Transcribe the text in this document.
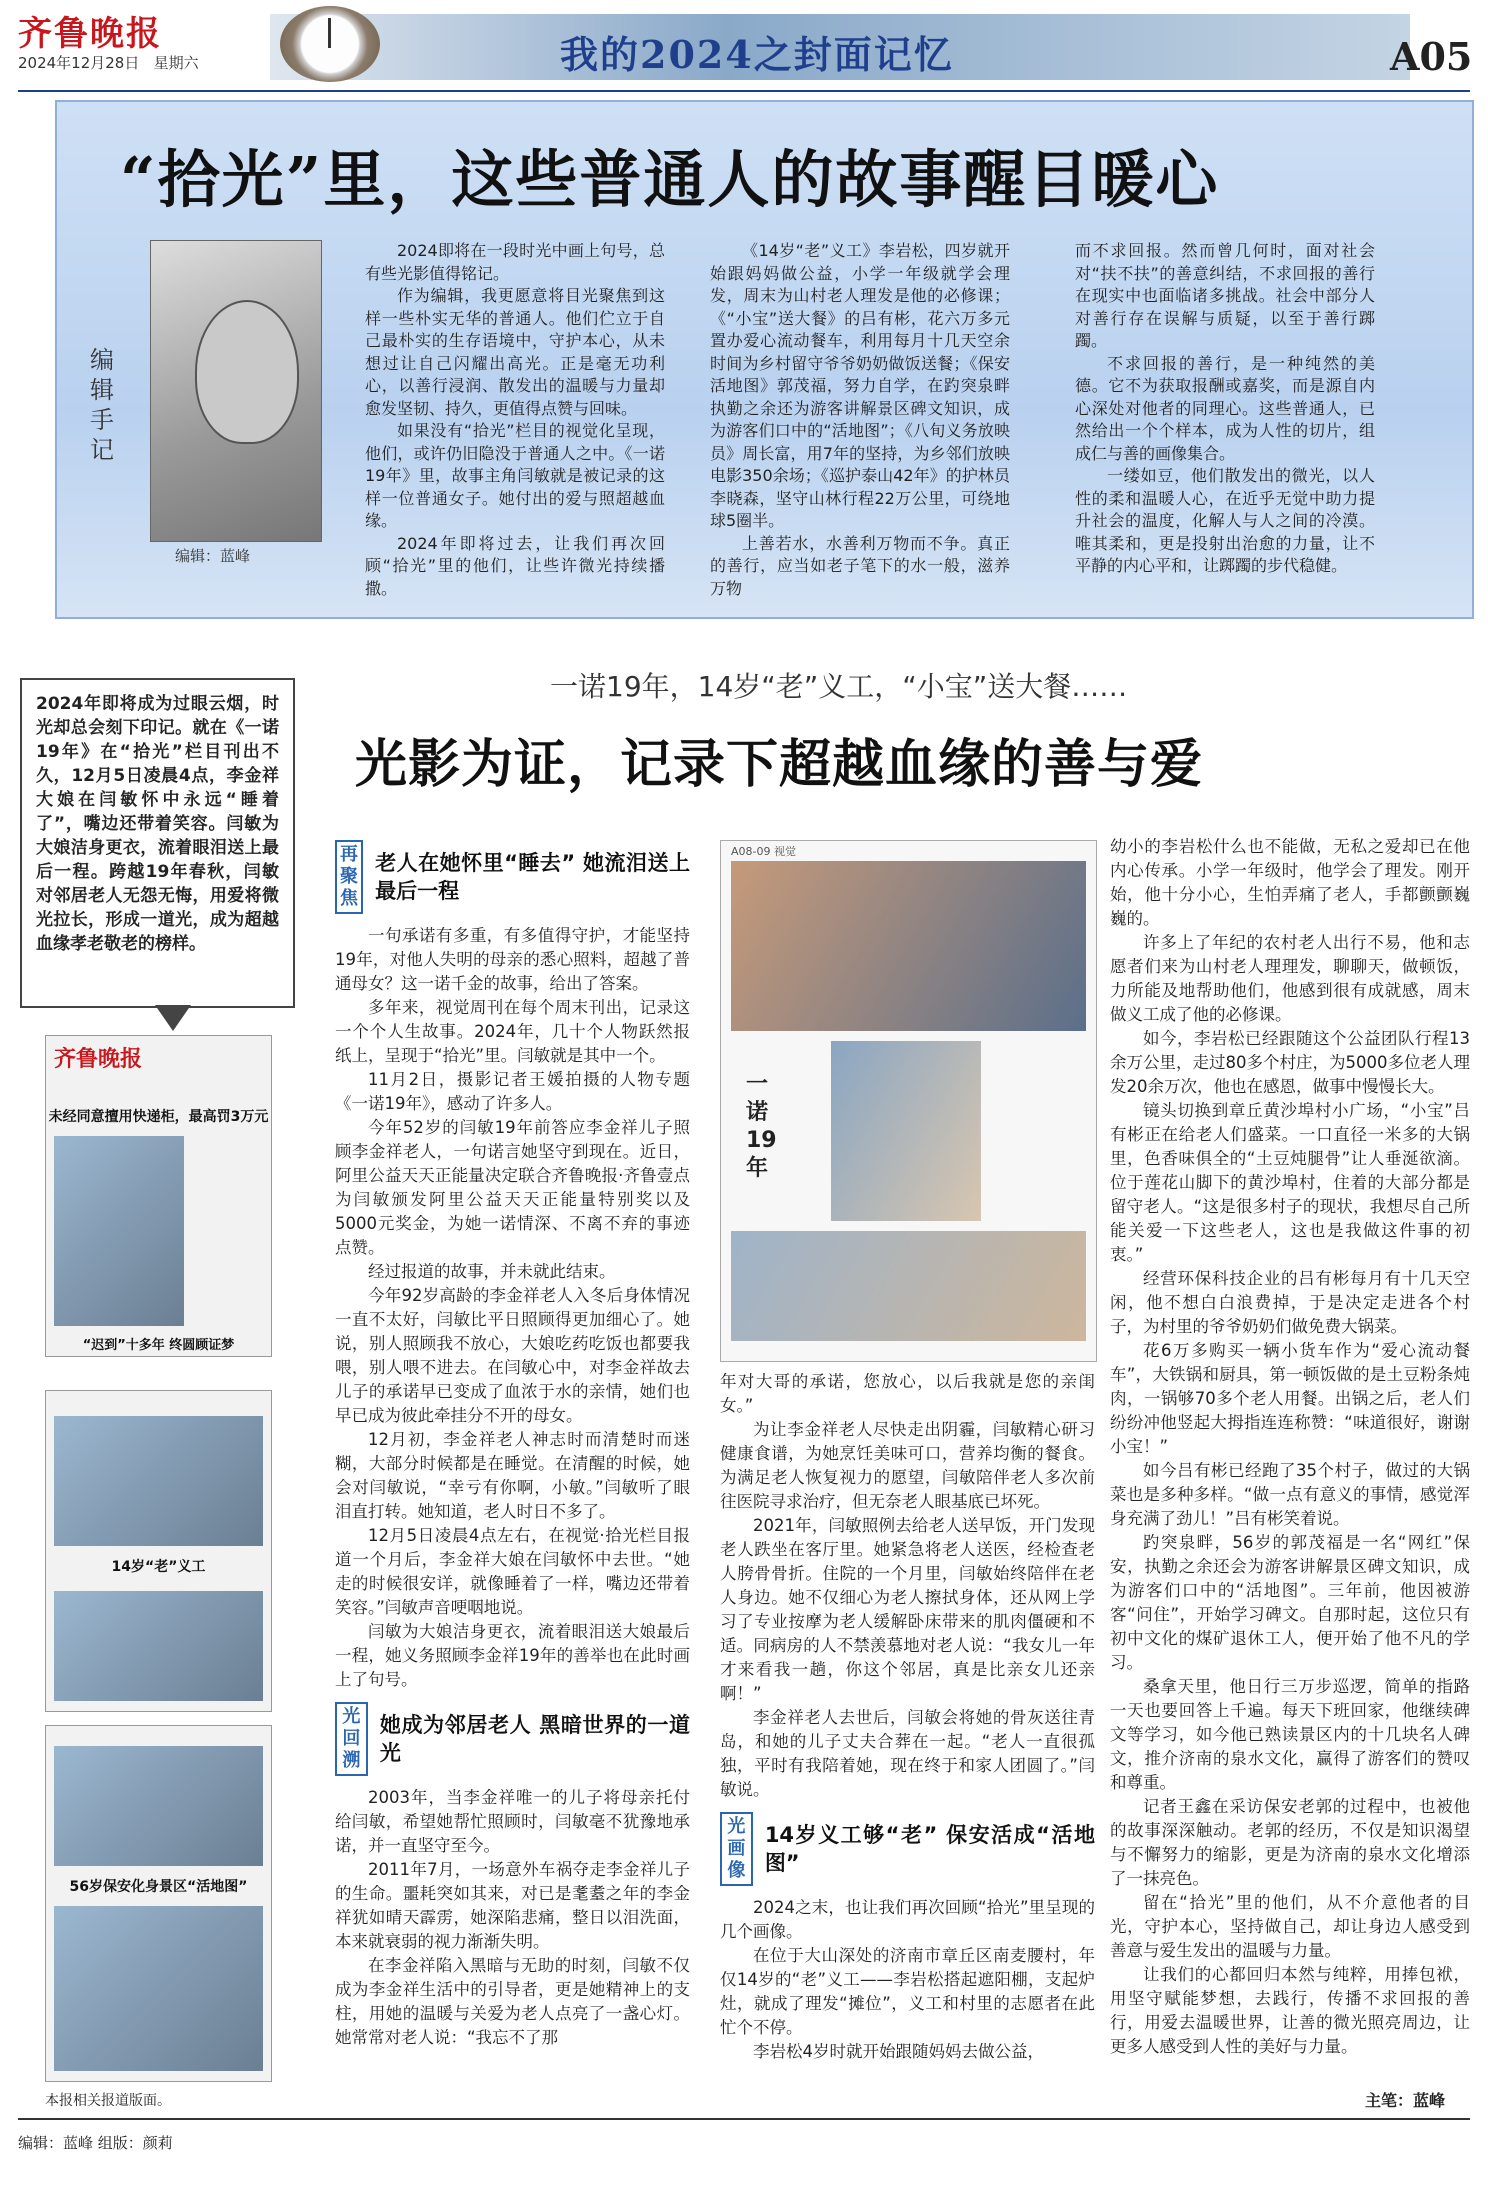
齐鲁晚报
2024年12月28日 星期六	我的2024之封面记忆	A05
“拾光”里，这些普通人的故事醒目暖心
编辑手记
编辑：蓝峰

2024即将在一段时光中画上句号，总有些光影值得铭记。

作为编辑，我更愿意将目光聚焦到这样一些朴实无华的普通人。他们伫立于自己最朴实的生存语境中，守护本心，从未想过让自己闪耀出高光。正是毫无功利心，以善行浸润、散发出的温暖与力量却愈发坚韧、持久，更值得点赞与回味。

如果没有“拾光”栏目的视觉化呈现，他们，或许仍旧隐没于普通人之中。《一诺19年》里，故事主角闫敏就是被记录的这样一位普通女子。她付出的爱与照超越血缘。

2024年即将过去，让我们再次回顾“拾光”里的他们，让些许微光持续播撒。

《14岁“老”义工》李岩松，四岁就开始跟妈妈做公益，小学一年级就学会理发，周末为山村老人理发是他的必修课；《“小宝”送大餐》的吕有彬，花六万多元置办爱心流动餐车，利用每月十几天空余时间为乡村留守爷爷奶奶做饭送餐；《保安活地图》郭茂福，努力自学，在趵突泉畔执勤之余还为游客讲解景区碑文知识，成为游客们口中的“活地图”；《八旬义务放映员》周长富，用7年的坚持，为乡邻们放映电影350余场；《巡护泰山42年》的护林员李晓森，坚守山林行程22万公里，可绕地球5圈半。

上善若水，水善利万物而不争。真正的善行，应当如老子笔下的水一般，滋养万物

而不求回报。然而曾几何时，面对社会对“扶不扶”的善意纠结，不求回报的善行在现实中也面临诸多挑战。社会中部分人对善行存在误解与质疑，以至于善行踯躅。

不求回报的善行，是一种纯然的美德。它不为获取报酬或嘉奖，而是源自内心深处对他者的同理心。这些普通人，已然给出一个个样本，成为人性的切片，组成仁与善的画像集合。

一缕如豆，他们散发出的微光，以人性的柔和温暖人心，在近乎无觉中助力提升社会的温度，化解人与人之间的冷漠。唯其柔和，更是投射出治愈的力量，让不平静的内心平和，让踯躅的步代稳健。

2024年即将成为过眼云烟，时光却总会刻下印记。就在《一诺19年》在“拾光”栏目刊出不久，12月5日凌晨4点，李金祥大娘在闫敏怀中永远“睡着了”，嘴边还带着笑容。闫敏为大娘洁身更衣，流着眼泪送上最后一程。跨越19年春秋，闫敏对邻居老人无怨无悔，用爱将微光拉长，形成一道光，成为超越血缘孝老敬老的榜样。
齐鲁晚报
未经同意擅用快递柜，最高罚3万元
“迟到”十多年 终圆顾证梦
14岁“老”义工
56岁保安化身景区“活地图”
本报相关报道版面。
一诺19年，14岁“老”义工，“小宝”送大餐……
光影为证，记录下超越血缘的善与爱
再聚焦
老人在她怀里“睡去” 她流泪送上最后一程

一句承诺有多重，有多值得守护，才能坚持19年，对他人失明的母亲的悉心照料，超越了普通母女？这一诺千金的故事，给出了答案。

多年来，视觉周刊在每个周末刊出，记录这一个个人生故事。2024年，几十个人物跃然报纸上，呈现于“拾光”里。闫敏就是其中一个。

11月2日，摄影记者王媛拍摄的人物专题《一诺19年》，感动了许多人。

今年52岁的闫敏19年前答应李金祥儿子照顾李金祥老人，一句诺言她坚守到现在。近日，阿里公益天天正能量决定联合齐鲁晚报·齐鲁壹点为闫敏颁发阿里公益天天正能量特别奖以及5000元奖金，为她一诺情深、不离不弃的事迹点赞。

经过报道的故事，并未就此结束。

今年92岁高龄的李金祥老人入冬后身体情况一直不太好，闫敏比平日照顾得更加细心了。她说，别人照顾我不放心，大娘吃药吃饭也都要我喂，别人喂不进去。在闫敏心中，对李金祥故去儿子的承诺早已变成了血浓于水的亲情，她们也早已成为彼此牵挂分不开的母女。

12月初，李金祥老人神志时而清楚时而迷糊，大部分时候都是在睡觉。在清醒的时候，她会对闫敏说，“幸亏有你啊，小敏。”闫敏听了眼泪直打转。她知道，老人时日不多了。

12月5日凌晨4点左右，在视觉·拾光栏目报道一个月后，李金祥大娘在闫敏怀中去世。“她走的时候很安详，就像睡着了一样，嘴边还带着笑容。”闫敏声音哽咽地说。

闫敏为大娘洁身更衣，流着眼泪送大娘最后一程，她义务照顾李金祥19年的善举也在此时画上了句号。

光回溯
她成为邻居老人 黑暗世界的一道光

2003年，当李金祥唯一的儿子将母亲托付给闫敏，希望她帮忙照顾时，闫敏毫不犹豫地承诺，并一直坚守至今。

2011年7月，一场意外车祸夺走李金祥儿子的生命。噩耗突如其来，对已是耄耋之年的李金祥犹如晴天霹雳，她深陷悲痛，整日以泪洗面，本来就衰弱的视力渐渐失明。

在李金祥陷入黑暗与无助的时刻，闫敏不仅成为李金祥生活中的引导者，更是她精神上的支柱，用她的温暖与关爱为老人点亮了一盏心灯。她常常对老人说：“我忘不了那

一诺19年
A08-09 视觉

年对大哥的承诺，您放心，以后我就是您的亲闺女。”

为让李金祥老人尽快走出阴霾，闫敏精心研习健康食谱，为她烹饪美味可口，营养均衡的餐食。为满足老人恢复视力的愿望，闫敏陪伴老人多次前往医院寻求治疗，但无奈老人眼基底已坏死。

2021年，闫敏照例去给老人送早饭，开门发现老人跌坐在客厅里。她紧急将老人送医，经检查老人胯骨骨折。住院的一个月里，闫敏始终陪伴在老人身边。她不仅细心为老人擦拭身体，还从网上学习了专业按摩为老人缓解卧床带来的肌肉僵硬和不适。同病房的人不禁羡慕地对老人说：“我女儿一年才来看我一趟，你这个邻居，真是比亲女儿还亲啊！”

李金祥老人去世后，闫敏会将她的骨灰送往青岛，和她的儿子丈夫合葬在一起。“老人一直很孤独，平时有我陪着她，现在终于和家人团圆了。”闫敏说。

光画像
14岁义工够“老” 保安活成“活地图”

2024之末，也让我们再次回顾“拾光”里呈现的几个画像。

在位于大山深处的济南市章丘区南麦腰村，年仅14岁的“老”义工——李岩松搭起遮阳棚，支起炉灶，就成了理发“摊位”，义工和村里的志愿者在此忙个不停。

李岩松4岁时就开始跟随妈妈去做公益，

幼小的李岩松什么也不能做，无私之爱却已在他内心传承。小学一年级时，他学会了理发。刚开始，他十分小心，生怕弄痛了老人，手都颤颤巍巍的。

许多上了年纪的农村老人出行不易，他和志愿者们来为山村老人理理发，聊聊天，做顿饭，力所能及地帮助他们，他感到很有成就感，周末做义工成了他的必修课。

如今，李岩松已经跟随这个公益团队行程13余万公里，走过80多个村庄，为5000多位老人理发20余万次，他也在感恩，做事中慢慢长大。

镜头切换到章丘黄沙埠村小广场，“小宝”吕有彬正在给老人们盛菜。一口直径一米多的大锅里，色香味俱全的“土豆炖腿骨”让人垂涎欲滴。位于莲花山脚下的黄沙埠村，住着的大部分都是留守老人。“这是很多村子的现状，我想尽自己所能关爱一下这些老人，这也是我做这件事的初衷。”

经营环保科技企业的吕有彬每月有十几天空闲，他不想白白浪费掉，于是决定走进各个村子，为村里的爷爷奶奶们做免费大锅菜。

花6万多购买一辆小货车作为“爱心流动餐车”，大铁锅和厨具，第一顿饭做的是土豆粉条炖肉，一锅够70多个老人用餐。出锅之后，老人们纷纷冲他竖起大拇指连连称赞：“味道很好，谢谢小宝！”

如今吕有彬已经跑了35个村子，做过的大锅菜也是多种多样。“做一点有意义的事情，感觉浑身充满了劲儿！”吕有彬笑着说。

趵突泉畔，56岁的郭茂福是一名“网红”保安，执勤之余还会为游客讲解景区碑文知识，成为游客们口中的“活地图”。三年前，他因被游客“问住”，开始学习碑文。自那时起，这位只有初中文化的煤矿退休工人，便开始了他不凡的学习。

桑拿天里，他日行三万步巡逻，简单的指路一天也要回答上千遍。每天下班回家，他继续碑文等学习，如今他已熟读景区内的十几块名人碑文，推介济南的泉水文化，赢得了游客们的赞叹和尊重。

记者王鑫在采访保安老郭的过程中，也被他的故事深深触动。老郭的经历，不仅是知识渴望与不懈努力的缩影，更是为济南的泉水文化增添了一抹亮色。

留在“拾光”里的他们，从不介意他者的目光，守护本心，坚持做自己，却让身边人感受到善意与爱生发出的温暖与力量。

让我们的心都回归本然与纯粹，用捧包袱，用坚守赋能梦想，去践行，传播不求回报的善行，用爱去温暖世界，让善的微光照亮周边，让更多人感受到人性的美好与力量。

主笔：蓝峰
编辑：蓝峰 组版：颜莉
